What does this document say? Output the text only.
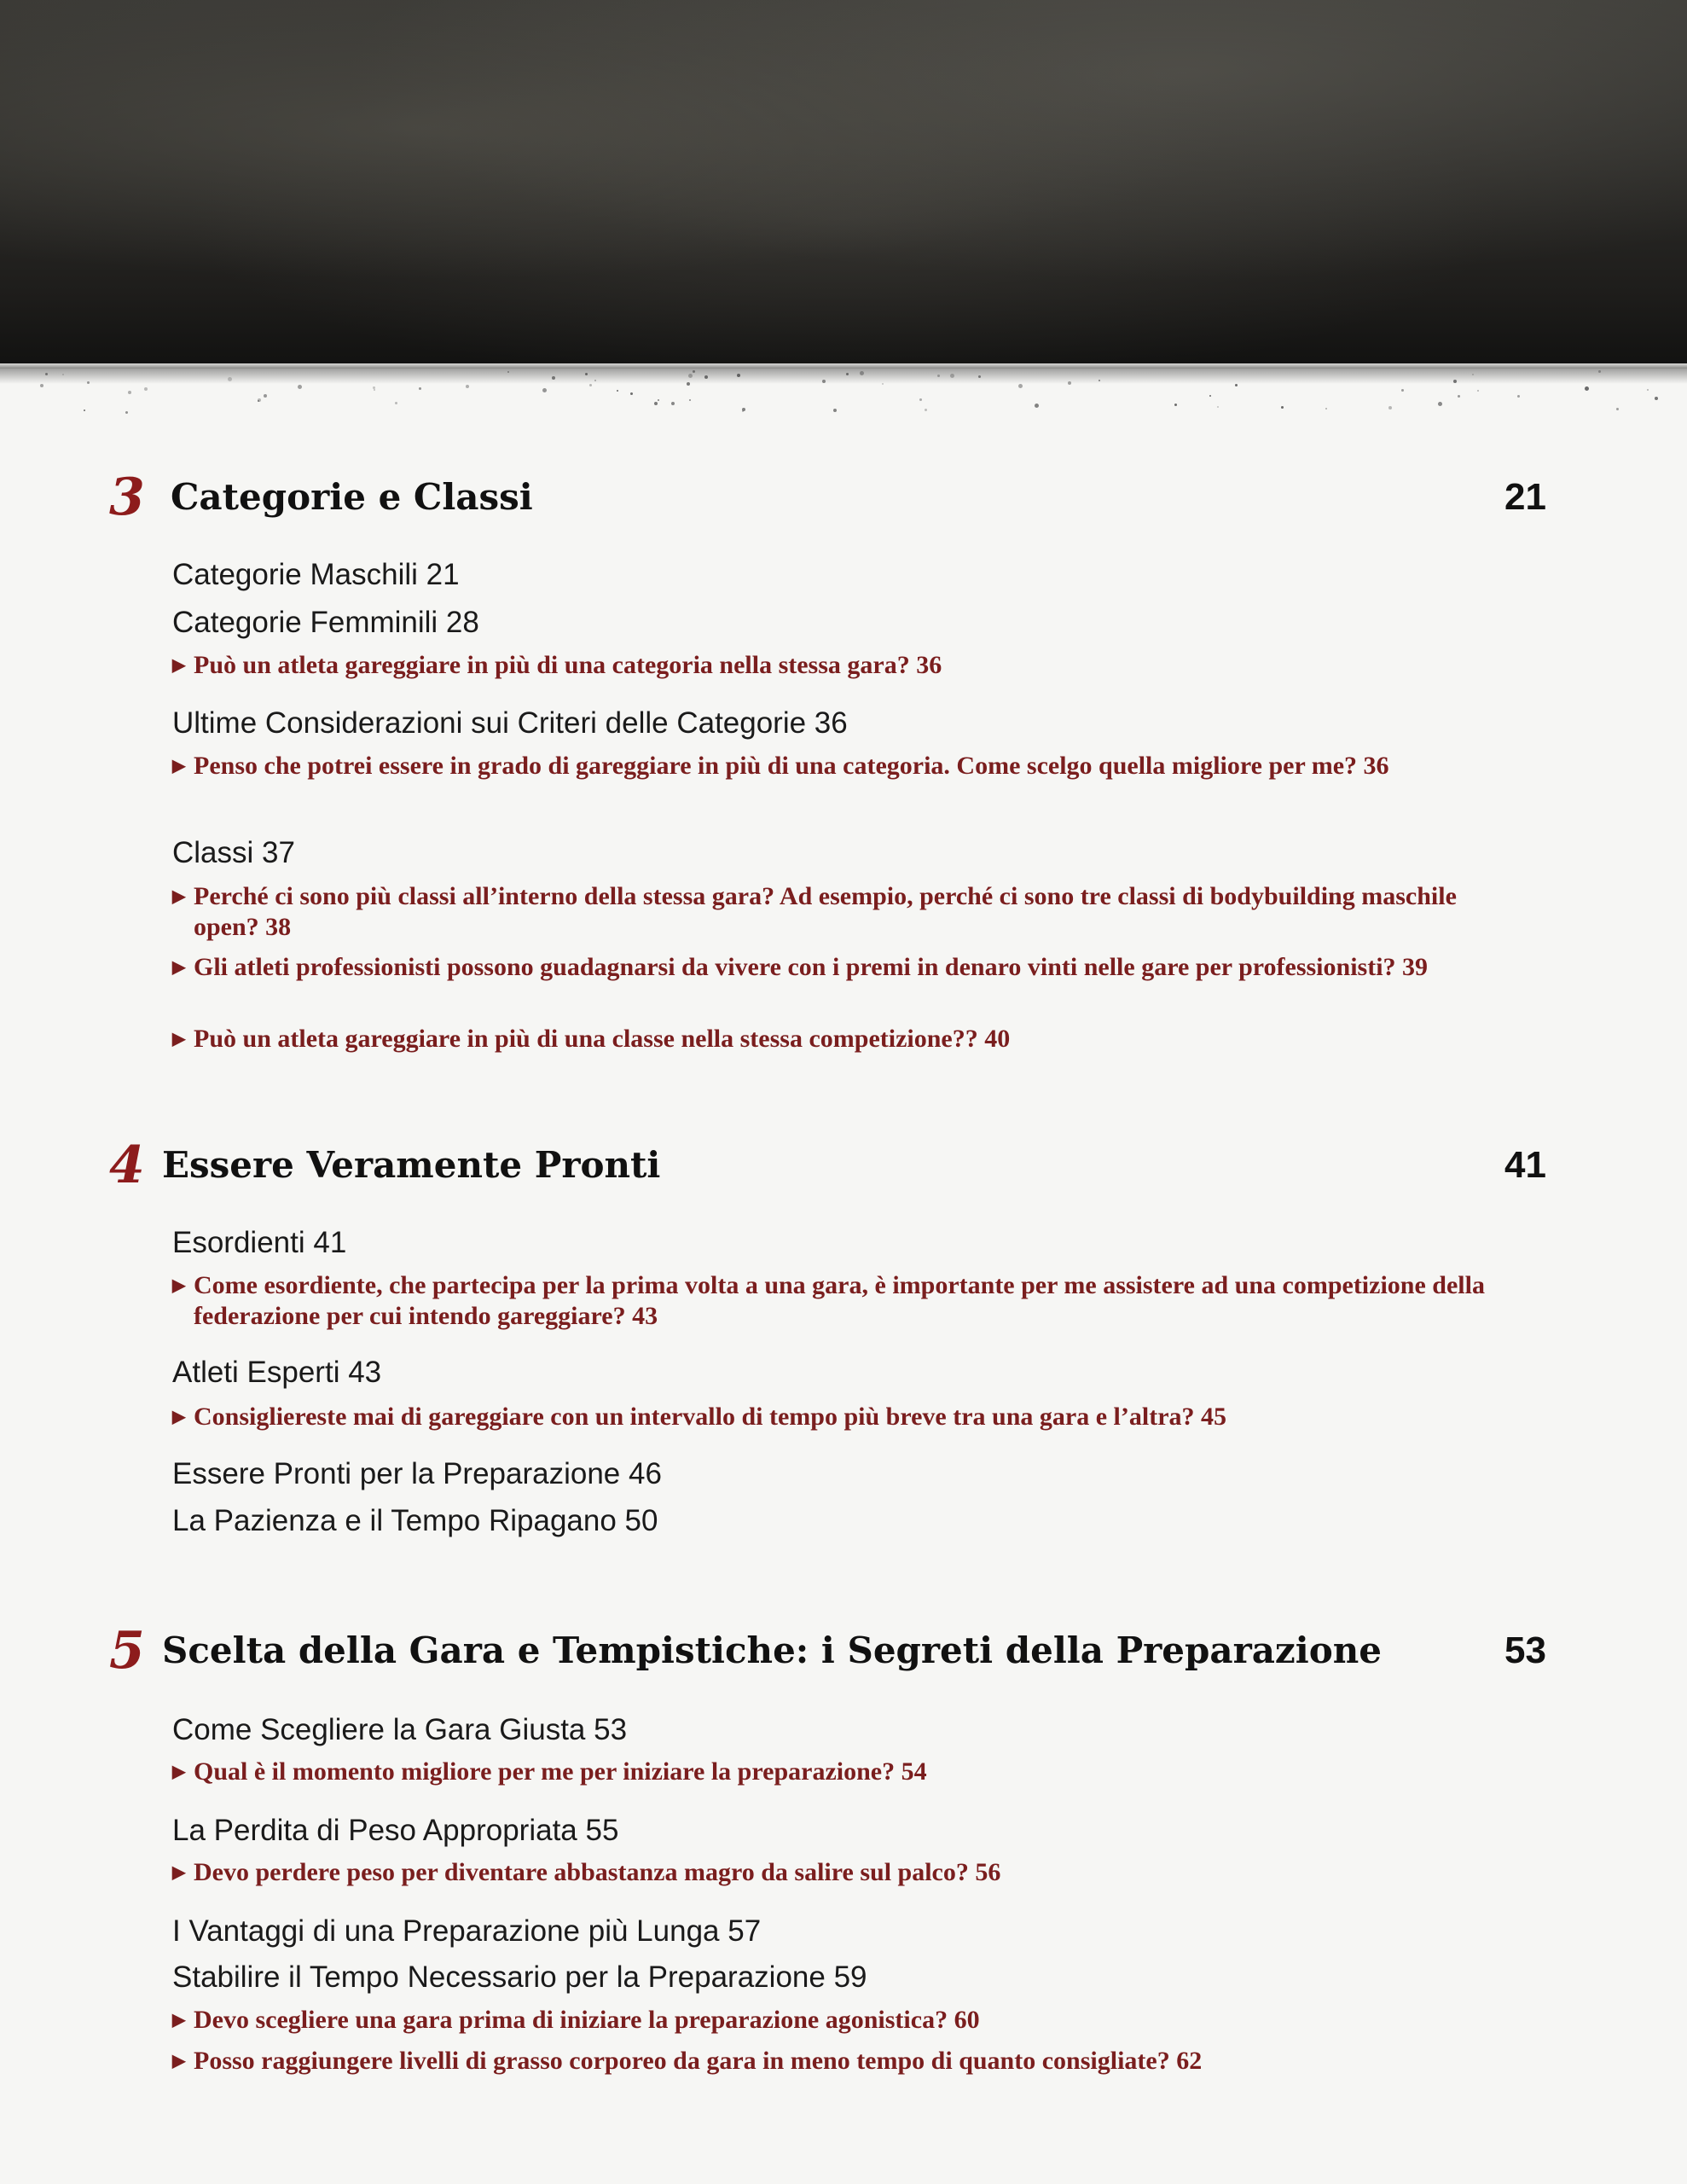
3 Categorie e Classi	21
Categorie Maschili 21
Categorie Femminili 28
▶ Può un atleta gareggiare in più di una categoria nella stessa gara? 36
Ultime Considerazioni sui Criteri delle Categorie 36
▶ Penso che potrei essere in grado di gareggiare in più di una categoria. Come scelgo quella migliore per me? 36
Classi 37
▶ Perché ci sono più classi all’interno della stessa gara? Ad esempio, perché ci sono tre classi di bodybuilding maschile open? 38
▶ Gli atleti professionisti possono guadagnarsi da vivere con i premi in denaro vinti nelle gare per professionisti? 39
▶ Può un atleta gareggiare in più di una classe nella stessa competizione?? 40
4 Essere Veramente Pronti	41
Esordienti 41
▶ Come esordiente, che partecipa per la prima volta a una gara, è importante per me assistere ad una competizione della federazione per cui intendo gareggiare? 43
Atleti Esperti 43
▶ Consigliereste mai di gareggiare con un intervallo di tempo più breve tra una gara e l’altra? 45
Essere Pronti per la Preparazione 46
La Pazienza e il Tempo Ripagano 50
5 Scelta della Gara e Tempistiche: i Segreti della Preparazione	53
Come Scegliere la Gara Giusta 53
▶ Qual è il momento migliore per me per iniziare la preparazione? 54
La Perdita di Peso Appropriata 55
▶ Devo perdere peso per diventare abbastanza magro da salire sul palco? 56
I Vantaggi di una Preparazione più Lunga 57
Stabilire il Tempo Necessario per la Preparazione 59
▶ Devo scegliere una gara prima di iniziare la preparazione agonistica? 60
▶ Posso raggiungere livelli di grasso corporeo da gara in meno tempo di quanto consigliate? 62
